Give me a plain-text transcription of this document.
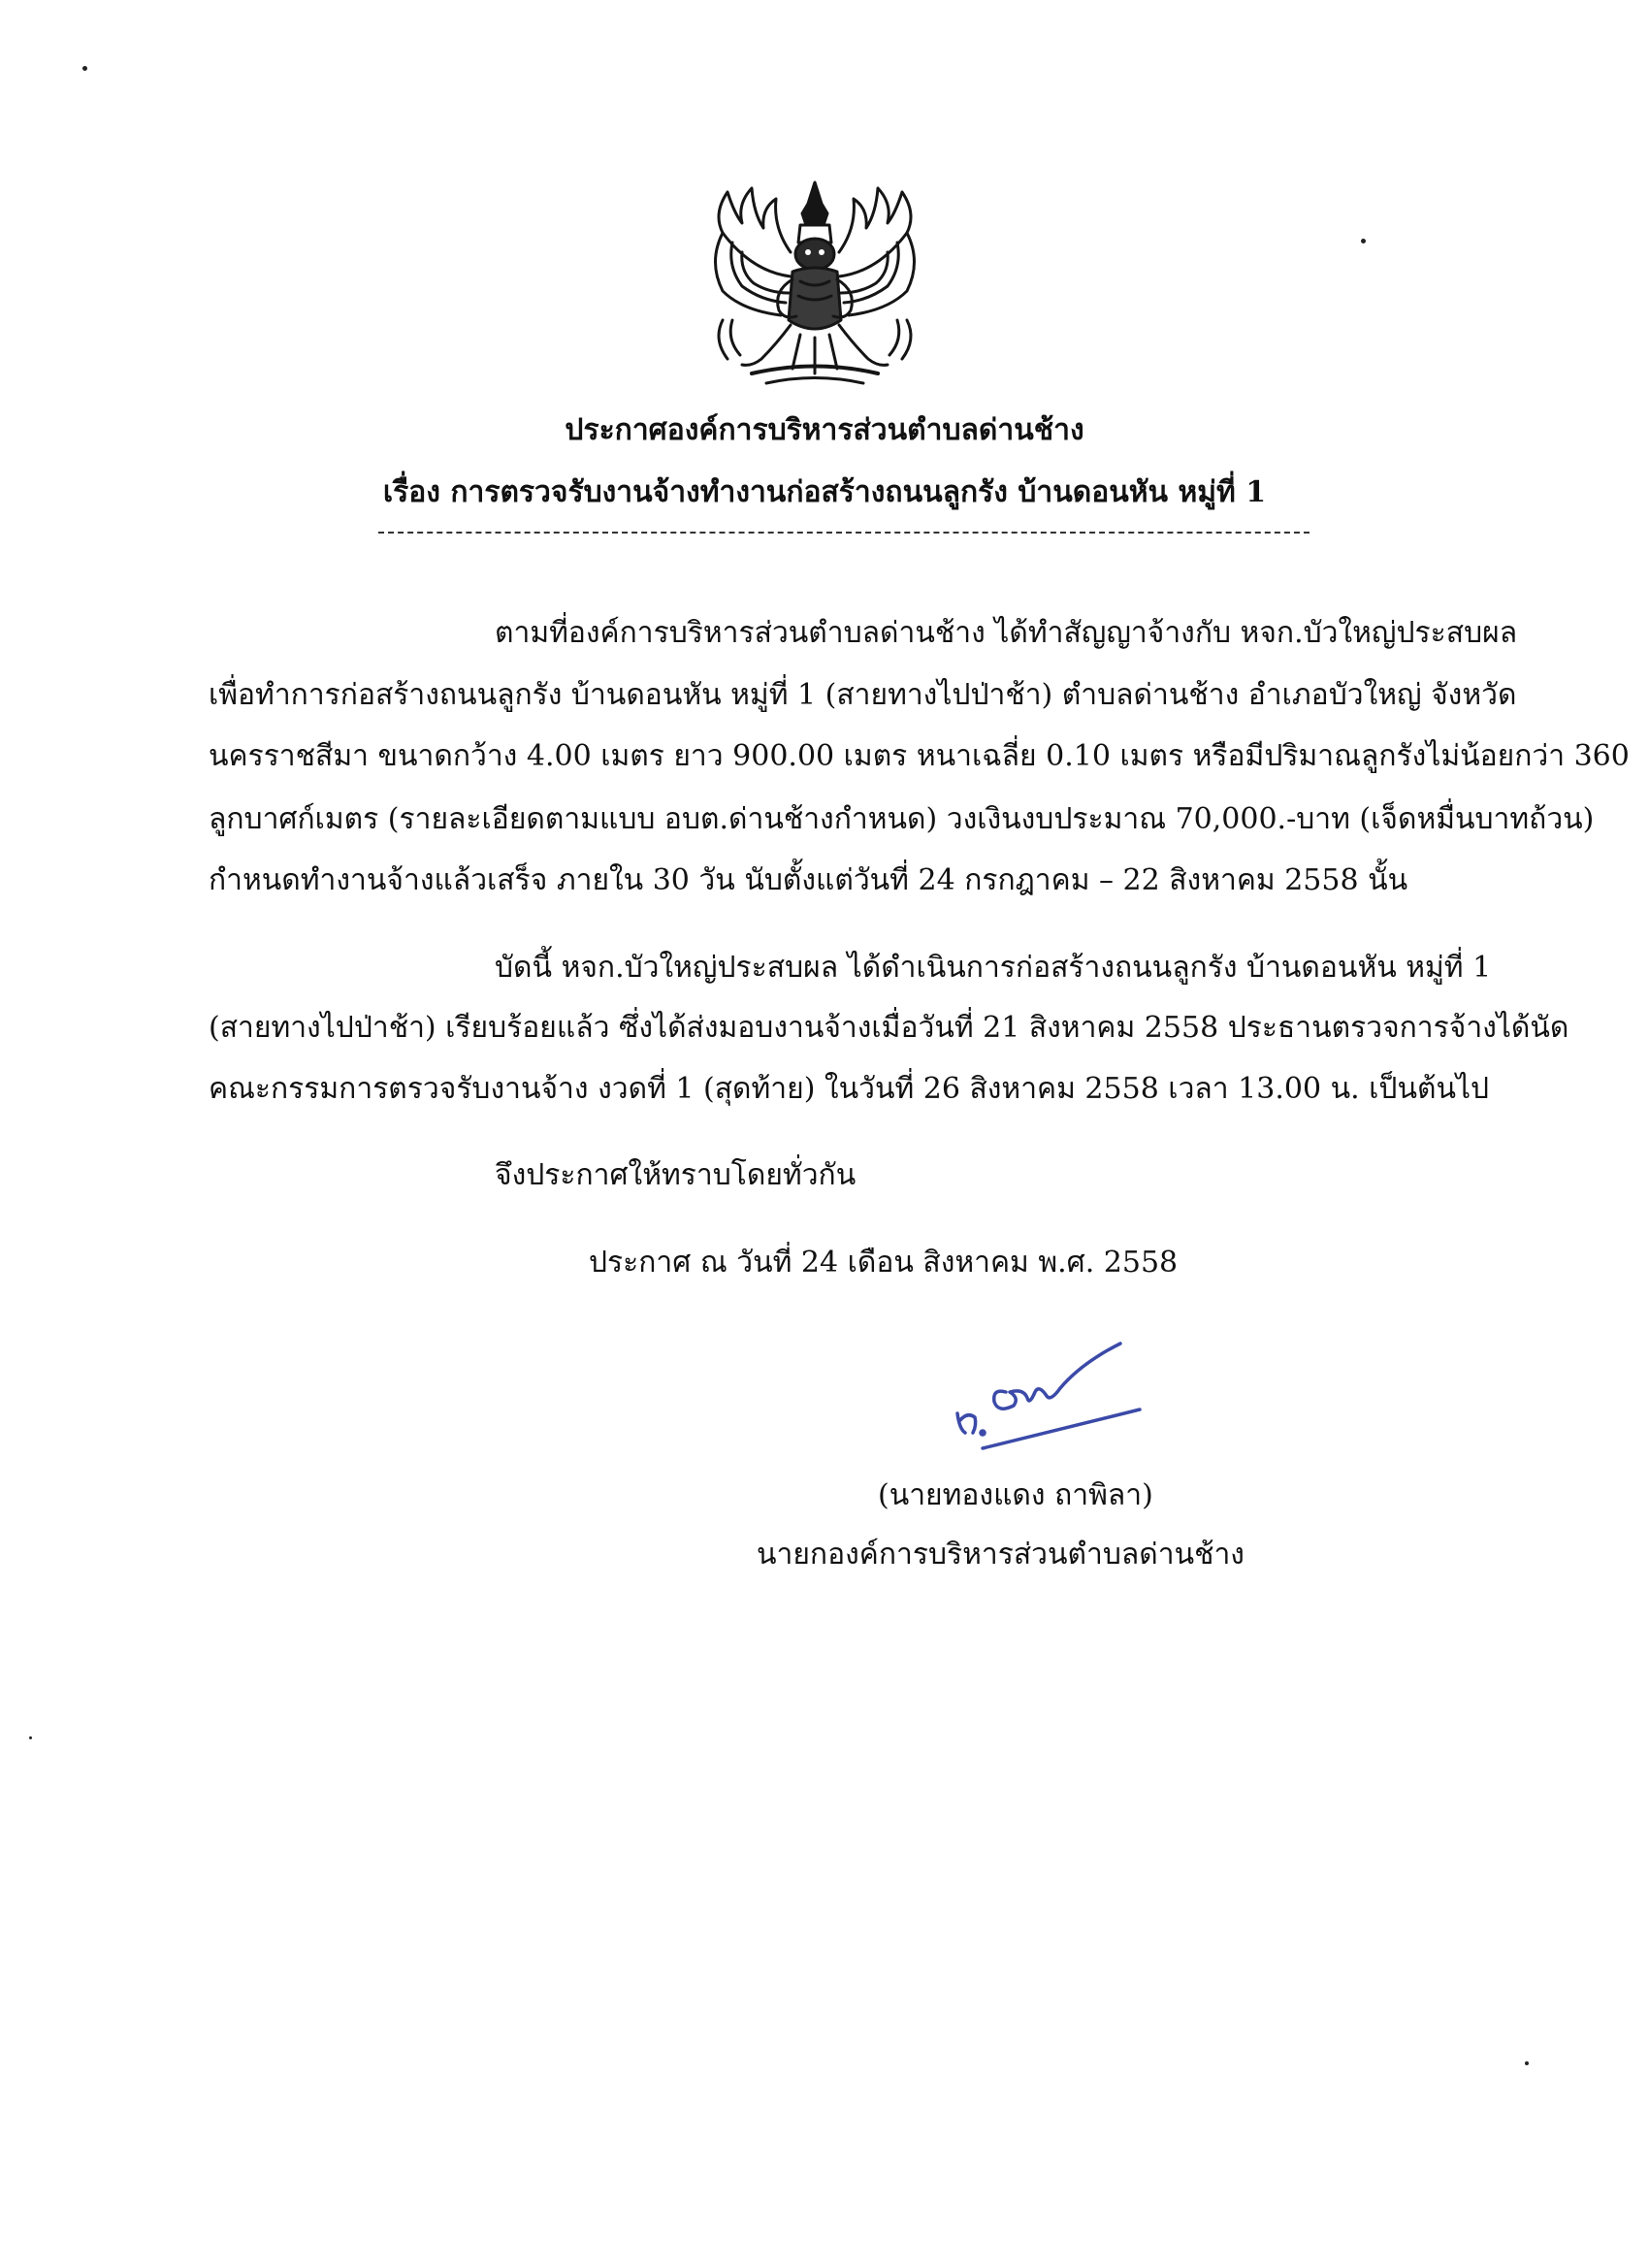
ประกาศองค์การบริหารส่วนตำบลด่านช้าง
เรื่อง การตรวจรับงานจ้างทำงานก่อสร้างถนนลูกรัง บ้านดอนหัน หมู่ที่ 1
ตามที่องค์การบริหารส่วนตำบลด่านช้าง ได้ทำสัญญาจ้างกับ หจก.บัวใหญ่ประสบผล
เพื่อทำการก่อสร้างถนนลูกรัง บ้านดอนหัน หมู่ที่ 1 (สายทางไปป่าช้า) ตำบลด่านช้าง อำเภอบัวใหญ่ จังหวัด
นครราชสีมา ขนาดกว้าง 4.00 เมตร ยาว 900.00 เมตร หนาเฉลี่ย 0.10 เมตร หรือมีปริมาณลูกรังไม่น้อยกว่า 360
ลูกบาศก์เมตร (รายละเอียดตามแบบ อบต.ด่านช้างกำหนด) วงเงินงบประมาณ 70,000.-บาท (เจ็ดหมื่นบาทถ้วน)
กำหนดทำงานจ้างแล้วเสร็จ ภายใน 30 วัน นับตั้งแต่วันที่ 24 กรกฎาคม – 22 สิงหาคม 2558 นั้น
บัดนี้ หจก.บัวใหญ่ประสบผล ได้ดำเนินการก่อสร้างถนนลูกรัง บ้านดอนหัน หมู่ที่ 1
(สายทางไปป่าช้า) เรียบร้อยแล้ว ซึ่งได้ส่งมอบงานจ้างเมื่อวันที่ 21 สิงหาคม 2558 ประธานตรวจการจ้างได้นัด
คณะกรรมการตรวจรับงานจ้าง งวดที่ 1 (สุดท้าย) ในวันที่ 26 สิงหาคม 2558 เวลา 13.00 น. เป็นต้นไป
จึงประกาศให้ทราบโดยทั่วกัน
ประกาศ ณ วันที่ 24 เดือน สิงหาคม พ.ศ. 2558
(นายทองแดง ถาพิลา)
นายกองค์การบริหารส่วนตำบลด่านช้าง
